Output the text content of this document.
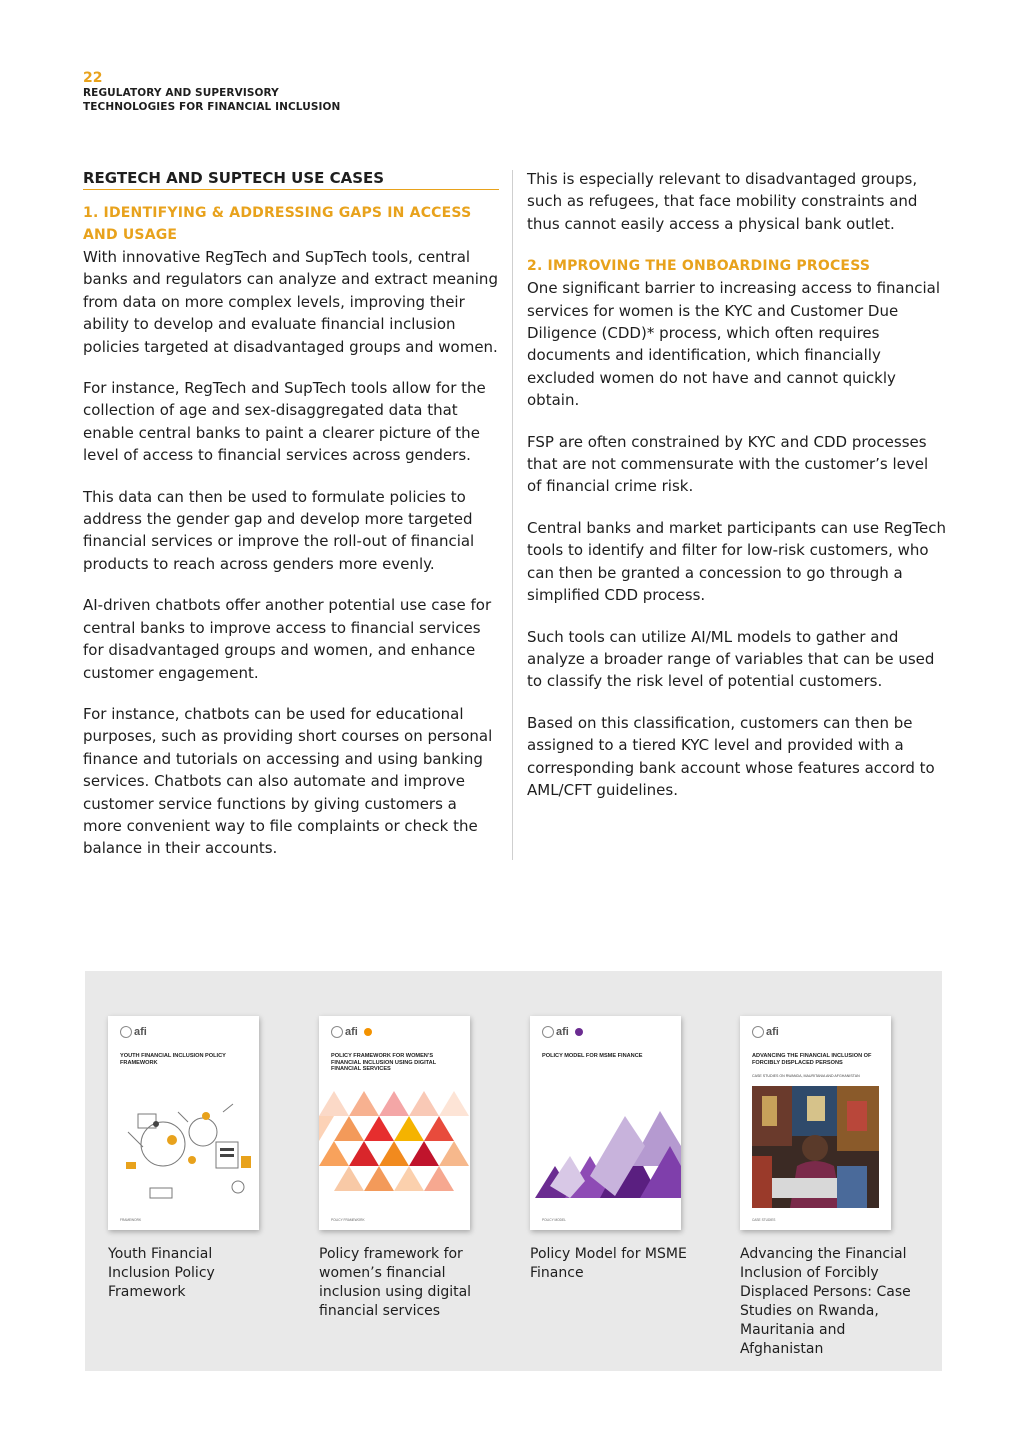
22
REGULATORY AND SUPERVISORY
TECHNOLOGIES FOR FINANCIAL INCLUSION
REGTECH AND SUPTECH USE CASES
1. IDENTIFYING & ADDRESSING GAPS IN ACCESS AND USAGE

With innovative RegTech and SupTech tools, central banks and regulators can analyze and extract meaning from data on more complex levels, improving their ability to develop and evaluate financial inclusion policies targeted at disadvantaged groups and women.

For instance, RegTech and SupTech tools allow for the collection of age and sex-disaggregated data that enable central banks to paint a clearer picture of the level of access to financial services across genders.

This data can then be used to formulate policies to address the gender gap and develop more targeted financial services or improve the roll-out of financial products to reach across genders more evenly.

AI-driven chatbots offer another potential use case for central banks to improve access to financial services for disadvantaged groups and women, and enhance customer engagement.

For instance, chatbots can be used for educational purposes, such as providing short courses on personal finance and tutorials on accessing and using banking services. Chatbots can also automate and improve customer service functions by giving customers a more convenient way to file complaints or check the balance in their accounts.

This is especially relevant to disadvantaged groups, such as refugees, that face mobility constraints and thus cannot easily access a physical bank outlet.

2. IMPROVING THE ONBOARDING PROCESS

One significant barrier to increasing access to financial services for women is the KYC and Customer Due Diligence (CDD)* process, which often requires documents and identification, which financially excluded women do not have and cannot quickly obtain.

FSP are often constrained by KYC and CDD processes that are not commensurate with the customer’s level of financial crime risk.

Central banks and market participants can use RegTech tools to identify and filter for low-risk customers, who can then be granted a concession to go through a simplified CDD process.

Such tools can utilize AI/ML models to gather and analyze a broader range of variables that can be used to classify the risk level of potential customers.

Based on this classification, customers can then be assigned to a tiered KYC level and provided with a corresponding bank account whose features accord to AML/CFT guidelines.

afi
YOUTH FINANCIAL INCLUSION POLICY FRAMEWORK
FRAMEWORK
Youth Financial Inclusion Policy Framework
afi
POLICY FRAMEWORK FOR WOMEN’S FINANCIAL INCLUSION USING DIGITAL FINANCIAL SERVICES
POLICY FRAMEWORK
Policy framework for women’s financial inclusion using digital financial services
afi
POLICY MODEL FOR MSME FINANCE
POLICY MODEL
Policy Model for MSME Finance
afi
ADVANCING THE FINANCIAL INCLUSION OF FORCIBLY DISPLACED PERSONS
CASE STUDIES ON RWANDA, MAURITANIA AND AFGHANISTAN
CASE STUDIES
Advancing the Financial Inclusion of Forcibly Displaced Persons: Case Studies on Rwanda, Mauritania and Afghanistan
